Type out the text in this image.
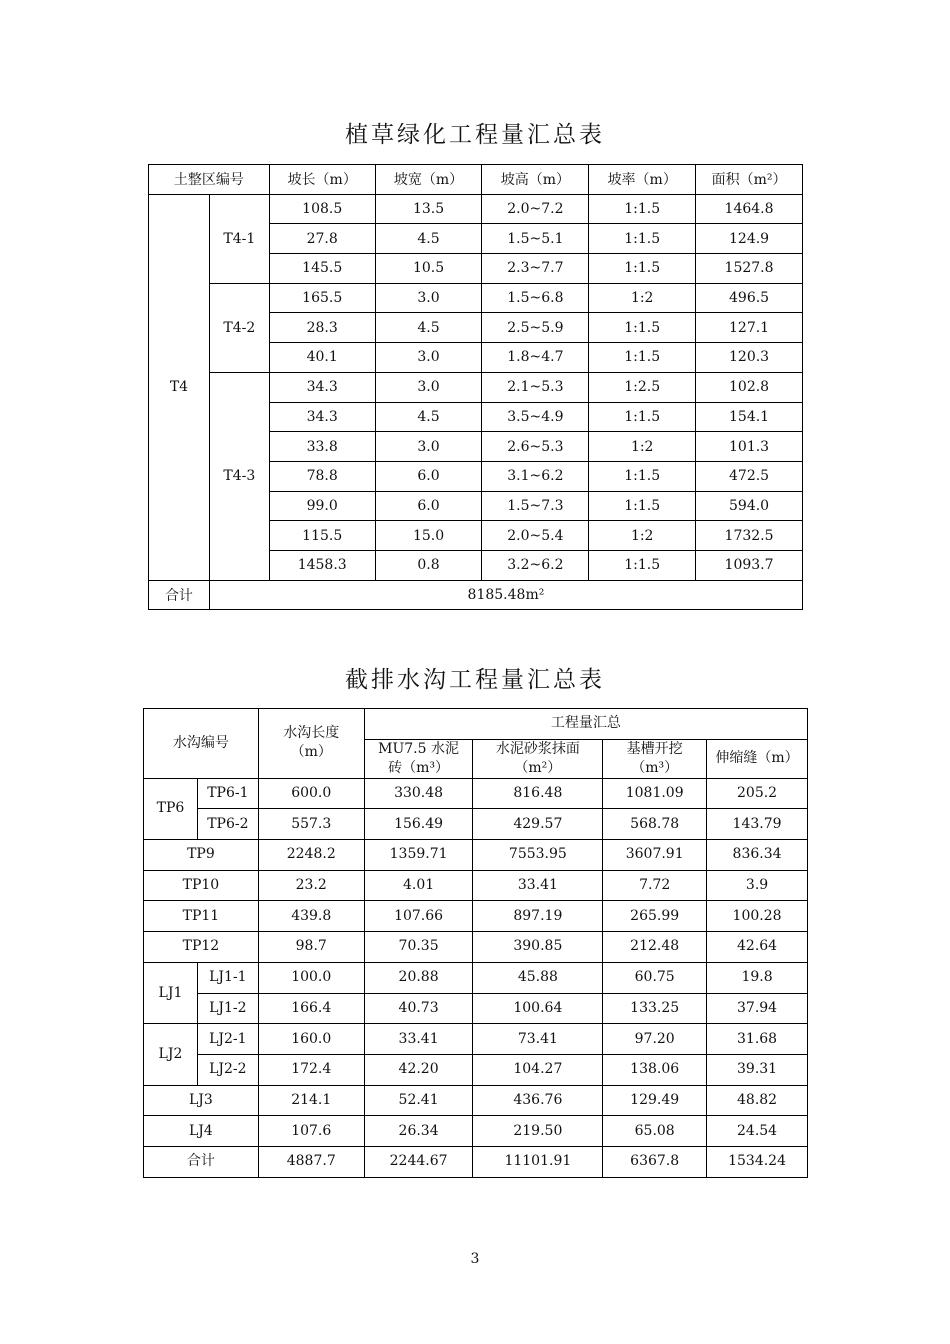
植草绿化工程量汇总表
土整区编号		坡长（m）	坡宽（m）	坡高（m）	坡率（m）	面积（m²）
T4	T4-1	108.5	13.5	2.0~7.2	1:1.5	1464.8
		27.8	4.5	1.5~5.1	1:1.5	124.9
		145.5	10.5	2.3~7.7	1:1.5	1527.8
	T4-2	165.5	3.0	1.5~6.8	1:2	496.5
		28.3	4.5	2.5~5.9	1:1.5	127.1
		40.1	3.0	1.8~4.7	1:1.5	120.3
	T4-3	34.3	3.0	2.1~5.3	1:2.5	102.8
		34.3	4.5	3.5~4.9	1:1.5	154.1
		33.8	3.0	2.6~5.3	1:2	101.3
		78.8	6.0	3.1~6.2	1:1.5	472.5
		99.0	6.0	1.5~7.3	1:1.5	594.0
		115.5	15.0	2.0~5.4	1:2	1732.5
		1458.3	0.8	3.2~6.2	1:1.5	1093.7
合计	8185.48m²					
截排水沟工程量汇总表
水沟编号		水沟长度（m）	工程量汇总			
			MU7.5 水泥砖（m³）	水泥砂浆抹面（m²）	基槽开挖（m³）	伸缩缝（m）
TP6	TP6-1	600.0	330.48	816.48	1081.09	205.2
	TP6-2	557.3	156.49	429.57	568.78	143.79
TP9		2248.2	1359.71	7553.95	3607.91	836.34
TP10		23.2	4.01	33.41	7.72	3.9
TP11		439.8	107.66	897.19	265.99	100.28
TP12		98.7	70.35	390.85	212.48	42.64
LJ1	LJ1-1	100.0	20.88	45.88	60.75	19.8
	LJ1-2	166.4	40.73	100.64	133.25	37.94
LJ2	LJ2-1	160.0	33.41	73.41	97.20	31.68
	LJ2-2	172.4	42.20	104.27	138.06	39.31
LJ3		214.1	52.41	436.76	129.49	48.82
LJ4		107.6	26.34	219.50	65.08	24.54
合计		4887.7	2244.67	11101.91	6367.8	1534.24
3
